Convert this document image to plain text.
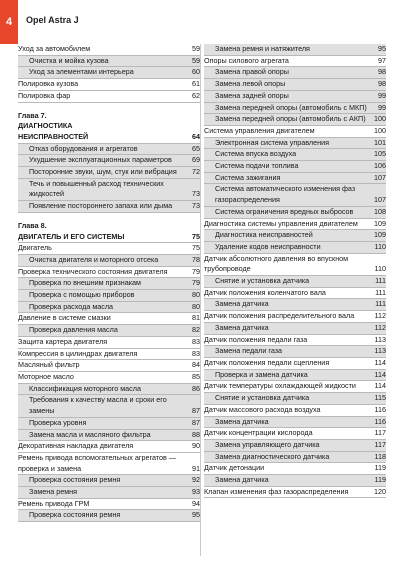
4	Opel Astra J
Уход за автомобилем	59
Очистка и мойка кузова	59
Уход за элементами интерьера	60
Полировка кузова	61
Полировка фар	62
Глава 7.
ДИАГНОСТИКА
НЕИСПРАВНОСТЕЙ	64
Отказ оборудования и агрегатов	65
Ухудшение эксплуатационных параметров	69
Посторонние звуки, шум, стук или вибрация	72
Течь и повышенный расход технических жидкостей	73
Появление постороннего запаха или дыма	73
Глава 8.
ДВИГАТЕЛЬ И ЕГО СИСТЕМЫ	75
Двигатель	75
Очистка двигателя и моторного отсека	78
Проверка технического состояния двигателя	79
Проверка по внешним признакам	79
Проверка с помощью приборов	80
Проверка расхода масла	80
Давление в системе смазки	81
Проверка давления масла	82
Защита картера двигателя	83
Компрессия в цилиндрах двигателя	83
Масляный фильтр	84
Моторное масло	85
Классификация моторного масла	86
Требования к качеству масла и сроки его замены	87
Проверка уровня	87
Замена масла и масляного фильтра	88
Декоративная накладка двигателя	90
Ремень привода вспомогательных агрегатов — проверка и замена	91
Проверка состояния ремня	92
Замена ремня	93
Ремень привода ГРМ	94
Проверка состояния ремня	95
Замена ремня и натяжителя	95
Опоры силового агрегата	97
Замена правой опоры	98
Замена левой опоры	98
Замена задней опоры	99
Замена передней опоры (автомобиль с МКП)	99
Замена передней опоры (автомобиль с АКП)	100
Система управления двигателем	100
Электронная система управления	101
Система впуска воздуха	105
Система подачи топлива	106
Система зажигания	107
Система автоматического изменения фаз газораспределения	107
Система ограничения вредных выбросов	108
Диагностика системы управления двигателем	109
Диагностика неисправностей	109
Удаление кодов неисправности	110
Датчик абсолютного давления во впускном трубопроводе	110
Снятие и установка датчика	111
Датчик положения коленчатого вала	111
Замена датчика	111
Датчик положения распределительного вала	112
Замена датчика	112
Датчик положения педали газа	113
Замена педали газа	113
Датчик положения педали сцепления	114
Проверка и замена датчика	114
Датчик температуры охлаждающей жидкости	114
Снятие и установка датчика	115
Датчик массового расхода воздуха	116
Замена датчика	116
Датчик концентрации кислорода	117
Замена управляющего датчика	117
Замена диагностического датчика	118
Датчик детонации	119
Замена датчика	119
Клапан изменения фаз газораспределения	120
